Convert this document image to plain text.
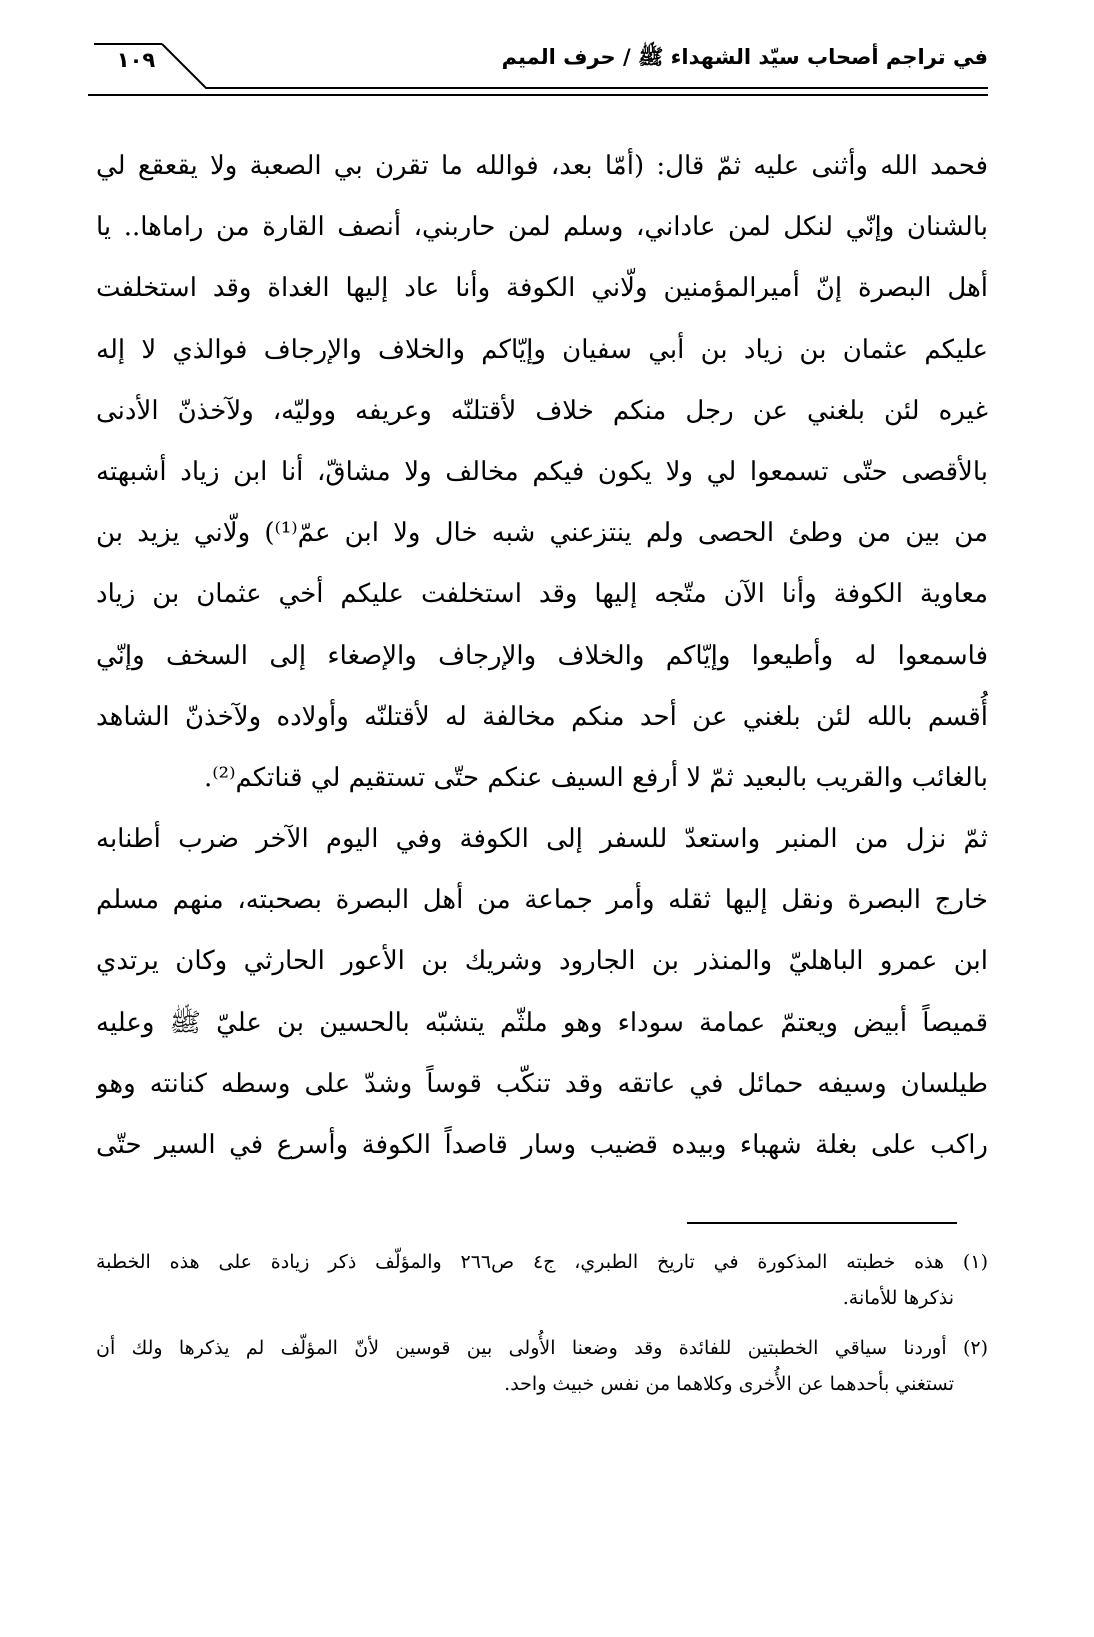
١٠٩	في تراجم أصحاب سيّد الشهداء ﷺ / حرف الميم
فحمد الله وأثنى عليه ثمّ قال: (أمّا بعد، فوالله ما تقرن بي الصعبة ولا يقعقع لي
بالشنان وإنّي لنكل لمن عاداني، وسلم لمن حاربني، أنصف القارة من راماها.. يا
أهل البصرة إنّ أميرالمؤمنين ولّاني الكوفة وأنا عاد إليها الغداة وقد استخلفت
عليكم عثمان بن زياد بن أبي سفيان وإيّاكم والخلاف والإرجاف فوالذي لا إله
غيره لئن بلغني عن رجل منكم خلاف لأقتلنّه وعريفه ووليّه، ولآخذنّ الأدنى
بالأقصى حتّى تسمعوا لي ولا يكون فيكم مخالف ولا مشاقّ، أنا ابن زياد أشبهته
من بين من وطئ الحصى ولم ينتزعني شبه خال ولا ابن عمّ⁽¹⁾) ولّاني يزيد بن
معاوية الكوفة وأنا الآن متّجه إليها وقد استخلفت عليكم أخي عثمان بن زياد
فاسمعوا له وأطيعوا وإيّاكم والخلاف والإرجاف والإصغاء إلى السخف وإنّي
أُقسم بالله لئن بلغني عن أحد منكم مخالفة له لأقتلنّه وأولاده ولآخذنّ الشاهد
بالغائب والقريب بالبعيد ثمّ لا أرفع السيف عنكم حتّى تستقيم لي قناتكم⁽²⁾.
ثمّ نزل من المنبر واستعدّ للسفر إلى الكوفة وفي اليوم الآخر ضرب أطنابه
خارج البصرة ونقل إليها ثقله وأمر جماعة من أهل البصرة بصحبته، منهم مسلم
ابن عمرو الباهليّ والمنذر بن الجارود وشريك بن الأعور الحارثي وكان يرتدي
قميصاً أبيض ويعتمّ عمامة سوداء وهو ملثّم يتشبّه بالحسين بن عليّ ﷺ وعليه
طيلسان وسيفه حمائل في عاتقه وقد تنكّب قوساً وشدّ على وسطه كنانته وهو
راكب على بغلة شهباء وبيده قضيب وسار قاصداً الكوفة وأسرع في السير حتّى
(١) هذه خطبته المذكورة في تاريخ الطبري، ج٤ ص٢٦٦ والمؤلّف ذكر زيادة على هذه الخطبة
نذكرها للأمانة.
(٢) أوردنا سياقي الخطبتين للفائدة وقد وضعنا الأُولى بين قوسين لأنّ المؤلّف لم يذكرها ولك أن
تستغني بأحدهما عن الأُخرى وكلاهما من نفس خبيث واحد.
